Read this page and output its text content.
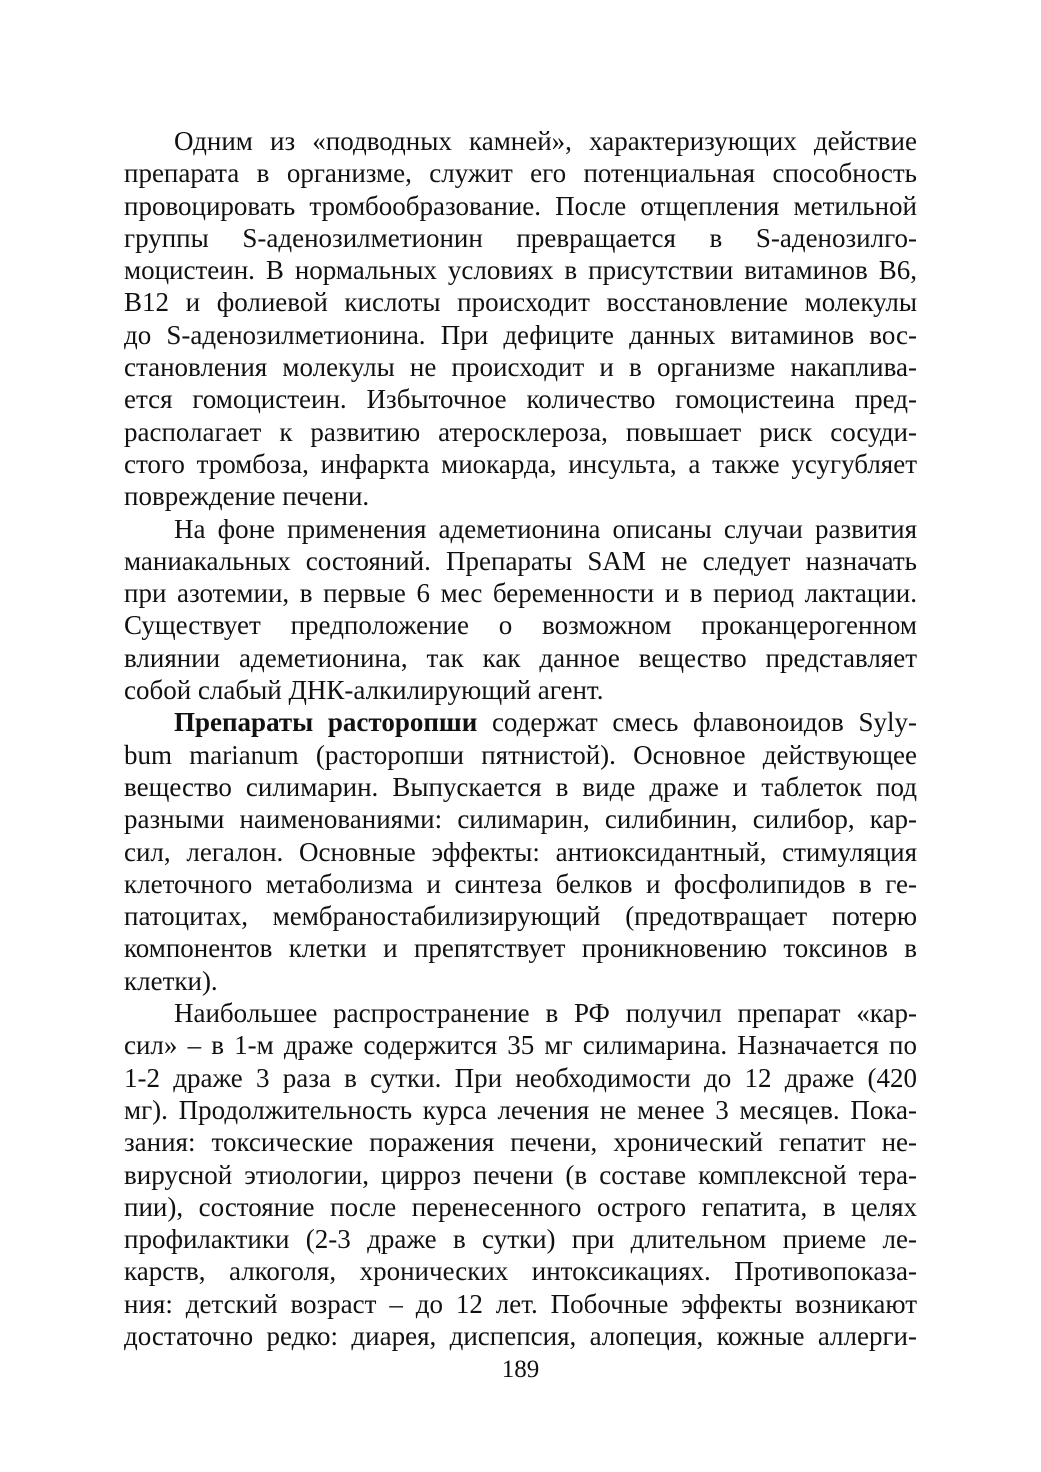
Одним из «подводных камней», характеризующих действие
препарата в организме, служит его потенциальная способность
провоцировать тромбообразование. После отщепления метильной
группы S-аденозилметионин превращается в S-аденозилго-
моцистеин. В нормальных условиях в присутствии витаминов В6,
В12 и фолиевой кислоты происходит восстановление молекулы
до S-аденозилметионина. При дефиците данных витаминов вос-
становления молекулы не происходит и в организме накаплива-
ется гомоцистеин. Избыточное количество гомоцистеина пред-
располагает к развитию атеросклероза, повышает риск сосуди-
стого тромбоза, инфаркта миокарда, инсульта, а также усугубляет
повреждение печени.
На фоне применения адеметионина описаны случаи развития
маниакальных состояний. Препараты SAM не следует назначать
при азотемии, в первые 6 мес беременности и в период лактации.
Существует предположение о возможном проканцерогенном
влиянии адеметионина, так как данное вещество представляет
собой слабый ДНК-алкилирующий агент.
Препараты расторопши содержат смесь флавоноидов Syly-
bum marianum (расторопши пятнистой). Основное действующее
вещество силимарин. Выпускается в виде драже и таблеток под
разными наименованиями: силимарин, силибинин, силибор, кар-
сил, легалон. Основные эффекты: антиоксидантный, стимуляция
клеточного метаболизма и синтеза белков и фосфолипидов в ге-
патоцитах, мембраностабилизирующий (предотвращает потерю
компонентов клетки и препятствует проникновению токсинов в
клетки).
Наибольшее распространение в РФ получил препарат «кар-
сил» – в 1-м драже содержится 35 мг силимарина. Назначается по
1-2 драже 3 раза в сутки. При необходимости до 12 драже (420
мг). Продолжительность курса лечения не менее 3 месяцев. Пока-
зания: токсические поражения печени, хронический гепатит не-
вирусной этиологии, цирроз печени (в составе комплексной тера-
пии), состояние после перенесенного острого гепатита, в целях
профилактики (2-3 драже в сутки) при длительном приеме ле-
карств, алкоголя, хронических интоксикациях. Противопоказа-
ния: детский возраст – до 12 лет. Побочные эффекты возникают
достаточно редко: диарея, диспепсия, алопеция, кожные аллерги-
189
